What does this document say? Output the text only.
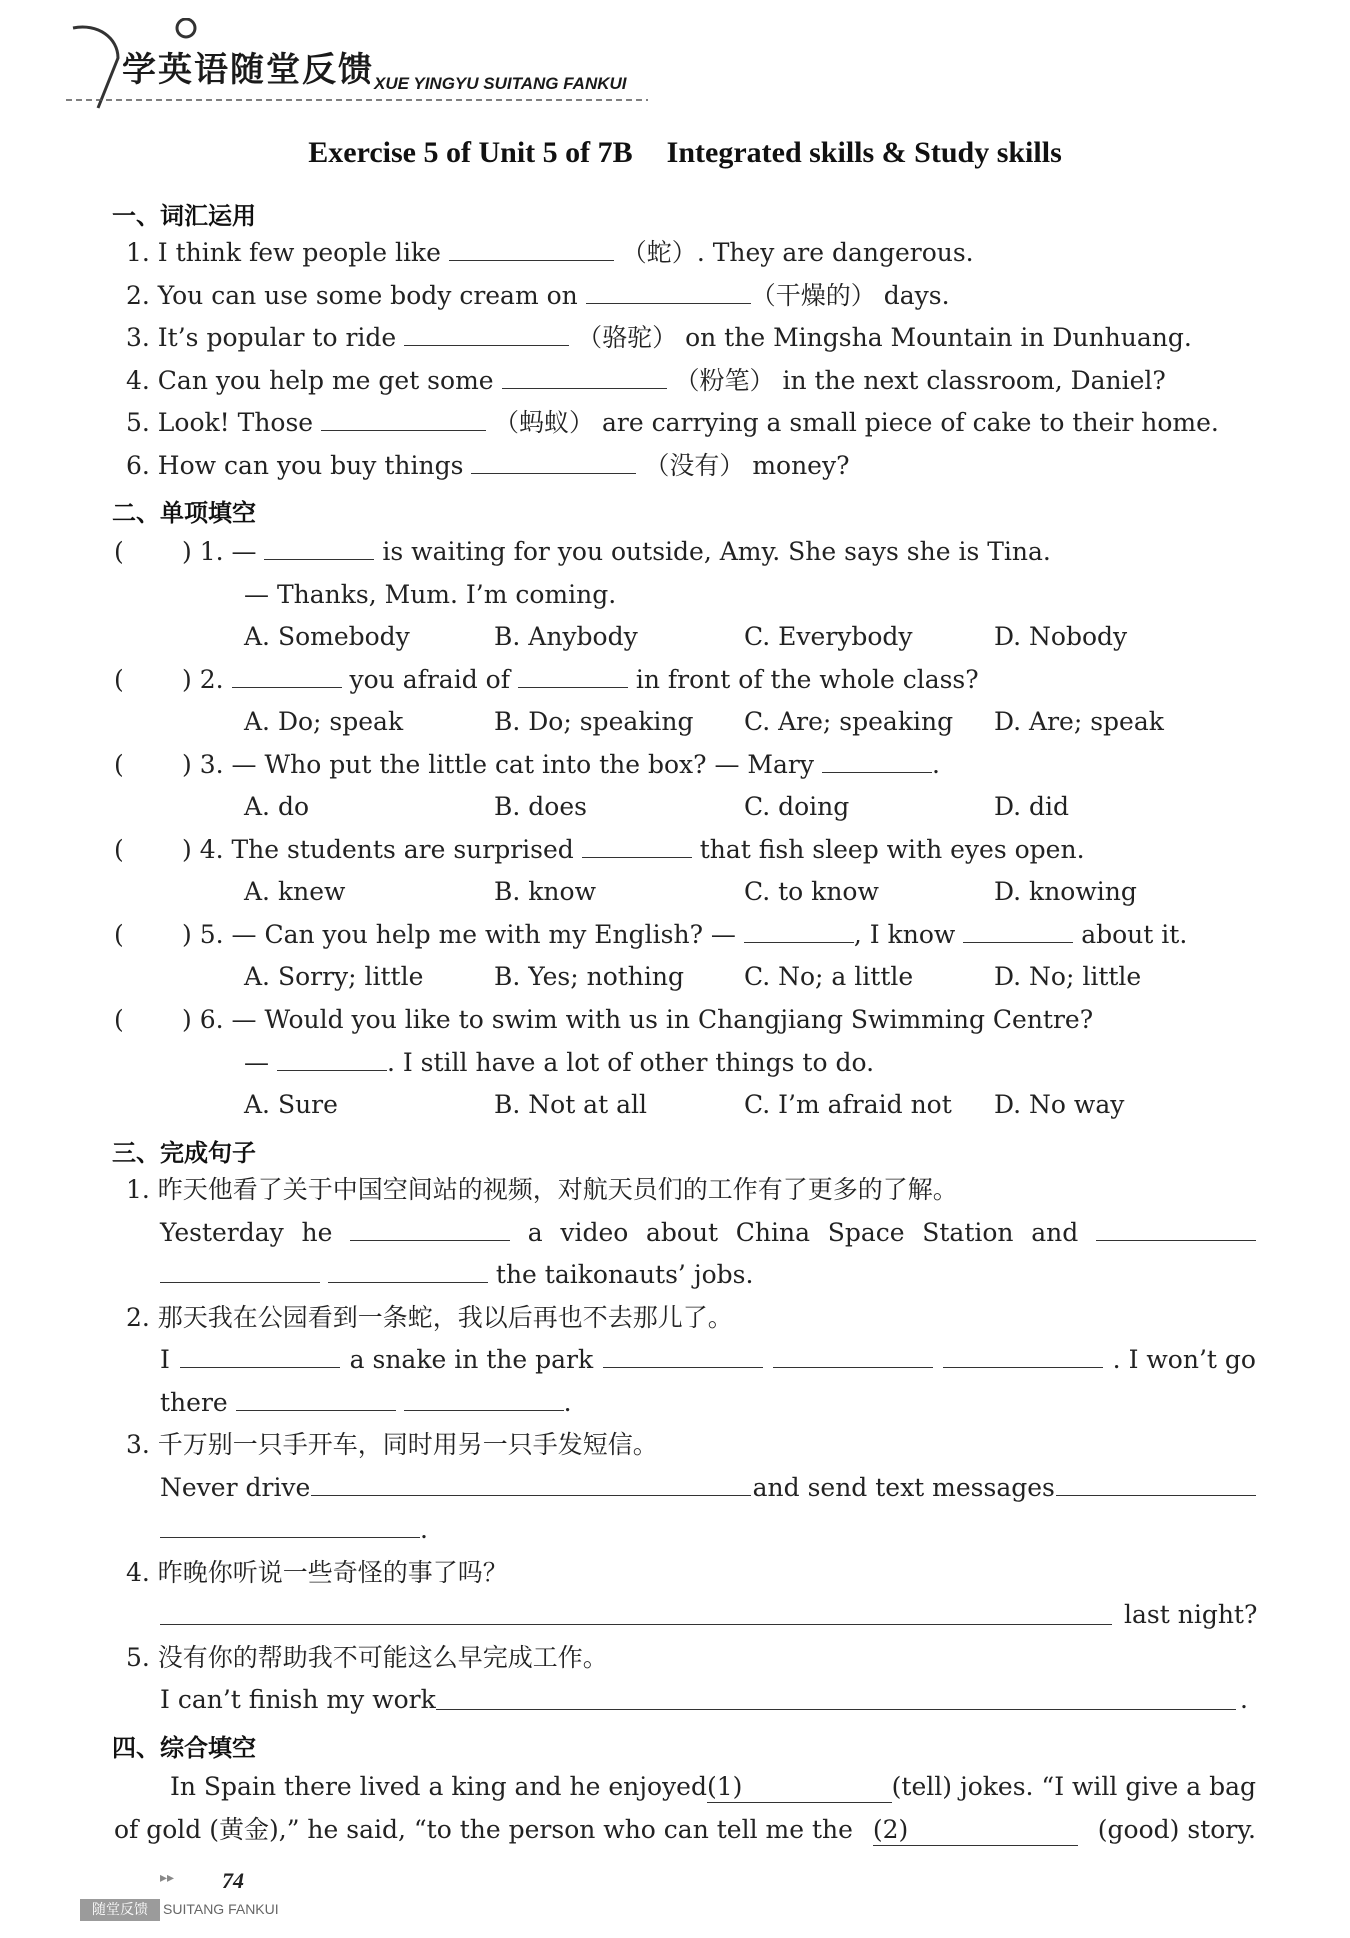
学英语随堂反馈 XUE YINGYU SUITANG FANKUI
Exercise 5 of Unit 5 of 7B Integrated skills & Study skills
一、词汇运用
1. I think few people like	（蛇）. They are dangerous.
2. You can use some body cream on	（干燥的） days.
3. It’s popular to ride	（骆驼） on the Mingsha Mountain in Dunhuang.
4. Can you help me get some	（粉笔） in the next classroom, Daniel?
5. Look! Those	（蚂蚁） are carrying a small piece of cake to their home.
6. How can you buy things	（没有） money?
二、单项填空
( ) 1. —	is waiting for you outside, Amy. She says she is Tina.
— Thanks, Mum. I’m coming.
A. Somebody	B. Anybody	C. Everybody	D. Nobody
( ) 2.	you afraid of	in front of the whole class?
A. Do; speak	B. Do; speaking C. Are; speaking D. Are; speak
( ) 3. — Who put the little cat into the box? — Mary	.
A. do	B. does	C. doing	D. did
( ) 4. The students are surprised	that fish sleep with eyes open.
A. knew	B. know	C. to know	D. knowing
( ) 5. — Can you help me with my English? —	, I know	about it.
A. Sorry; little	B. Yes; nothing C. No; a little	D. No; little
( ) 6. — Would you like to swim with us in Changjiang Swimming Centre?
—	. I still have a lot of other things to do.
A. Sure	B. Not at all	C. I’m afraid not D. No way
三、完成句子
1. 昨天他看了关于中国空间站的视频，对航天员们的工作有了更多的了解。
Yesterday he	a video about China Space Station and
the taikonauts’ jobs.
2. 那天我在公园看到一条蛇，我以后再也不去那儿了。
I	a snake in the park	. I won’t go
there	.
3. 千万别一只手开车，同时用另一只手发短信。
Never drive	and send text messages
.
4. 昨晚你听说一些奇怪的事了吗？
last night?
5. 没有你的帮助我不可能这么早完成工作。
I can’t finish my work	.
四、综合填空
In Spain there lived a king and he enjoyed (1)	(tell) jokes. “I will give a bag
of gold (黄金),” he said, “to the person who can tell me the (2)	(good) story.
▸▸ 74
随堂反馈	SUITANG FANKUI
